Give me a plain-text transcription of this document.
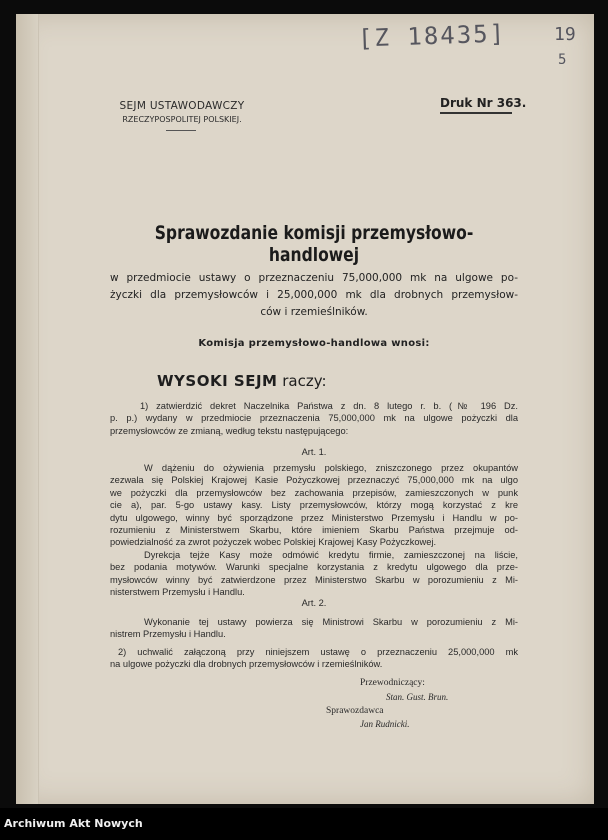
[Z 18435]	19
5
SEJM USTAWODAWCZY
RZECZYPOSPOLITEJ POLSKIEJ.
Druk Nr 363.
Sprawozdanie komisji przemysłowo-handlowej
w przedmiocie ustawy o przeznaczeniu 75,000,000 mk na ulgowe po-
życzki dla przemysłowców i 25,000,000 mk dla drobnych przemysłow-
ców i rzemieślników.
Komisja przemysłowo-handlowa wnosi:
WYSOKI SEJM raczy:
1) zatwierdzić dekret Naczelnika Państwa z dn. 8 lutego r. b. (№ 196 Dz.
p. p.) wydany w przedmiocie przeznaczenia 75,000,000 mk na ulgowe pożyczki dla
przemysłowców ze zmianą, według tekstu następującego:
Art. 1.
W dążeniu do ożywienia przemysłu polskiego, zniszczonego przez okupantów
zezwala się Polskiej Krajowej Kasie Pożyczkowej przeznaczyć 75,000,000 mk na ulgo
we pożyczki dla przemysłowców bez zachowania przepisów, zamieszczonych w punk
cie a), par. 5-go ustawy kasy. Listy przemysłowców, którzy mogą korzystać z kre
dytu ulgowego, winny być sporządzone przez Ministerstwo Przemysłu i Handlu w po-
rozumieniu z Ministerstwem Skarbu, które imieniem Skarbu Państwa przejmuje od-
powiedzialność za zwrot pożyczek wobec Polskiej Krajowej Kasy Pożyczkowej.
Dyrekcja tejże Kasy może odmówić kredytu firmie, zamieszczonej na liście,
bez podania motywów. Warunki specjalne korzystania z kredytu ulgowego dla prze-
mysłowców winny być zatwierdzone przez Ministerstwo Skarbu w porozumieniu z Mi-
nisterstwem Przemysłu i Handlu.
Art. 2.
Wykonanie tej ustawy powierza się Ministrowi Skarbu w porozumieniu z Mi-
nistrem Przemysłu i Handlu.
2) uchwalić załączoną przy niniejszem ustawę o przeznaczeniu 25,000,000 mk
na ulgowe pożyczki dla drobnych przemysłowców i rzemieślników.
Przewodniczący:
Stan. Gust. Brun.
Sprawozdawca
Jan Rudnicki.
Archiwum Akt Nowych
